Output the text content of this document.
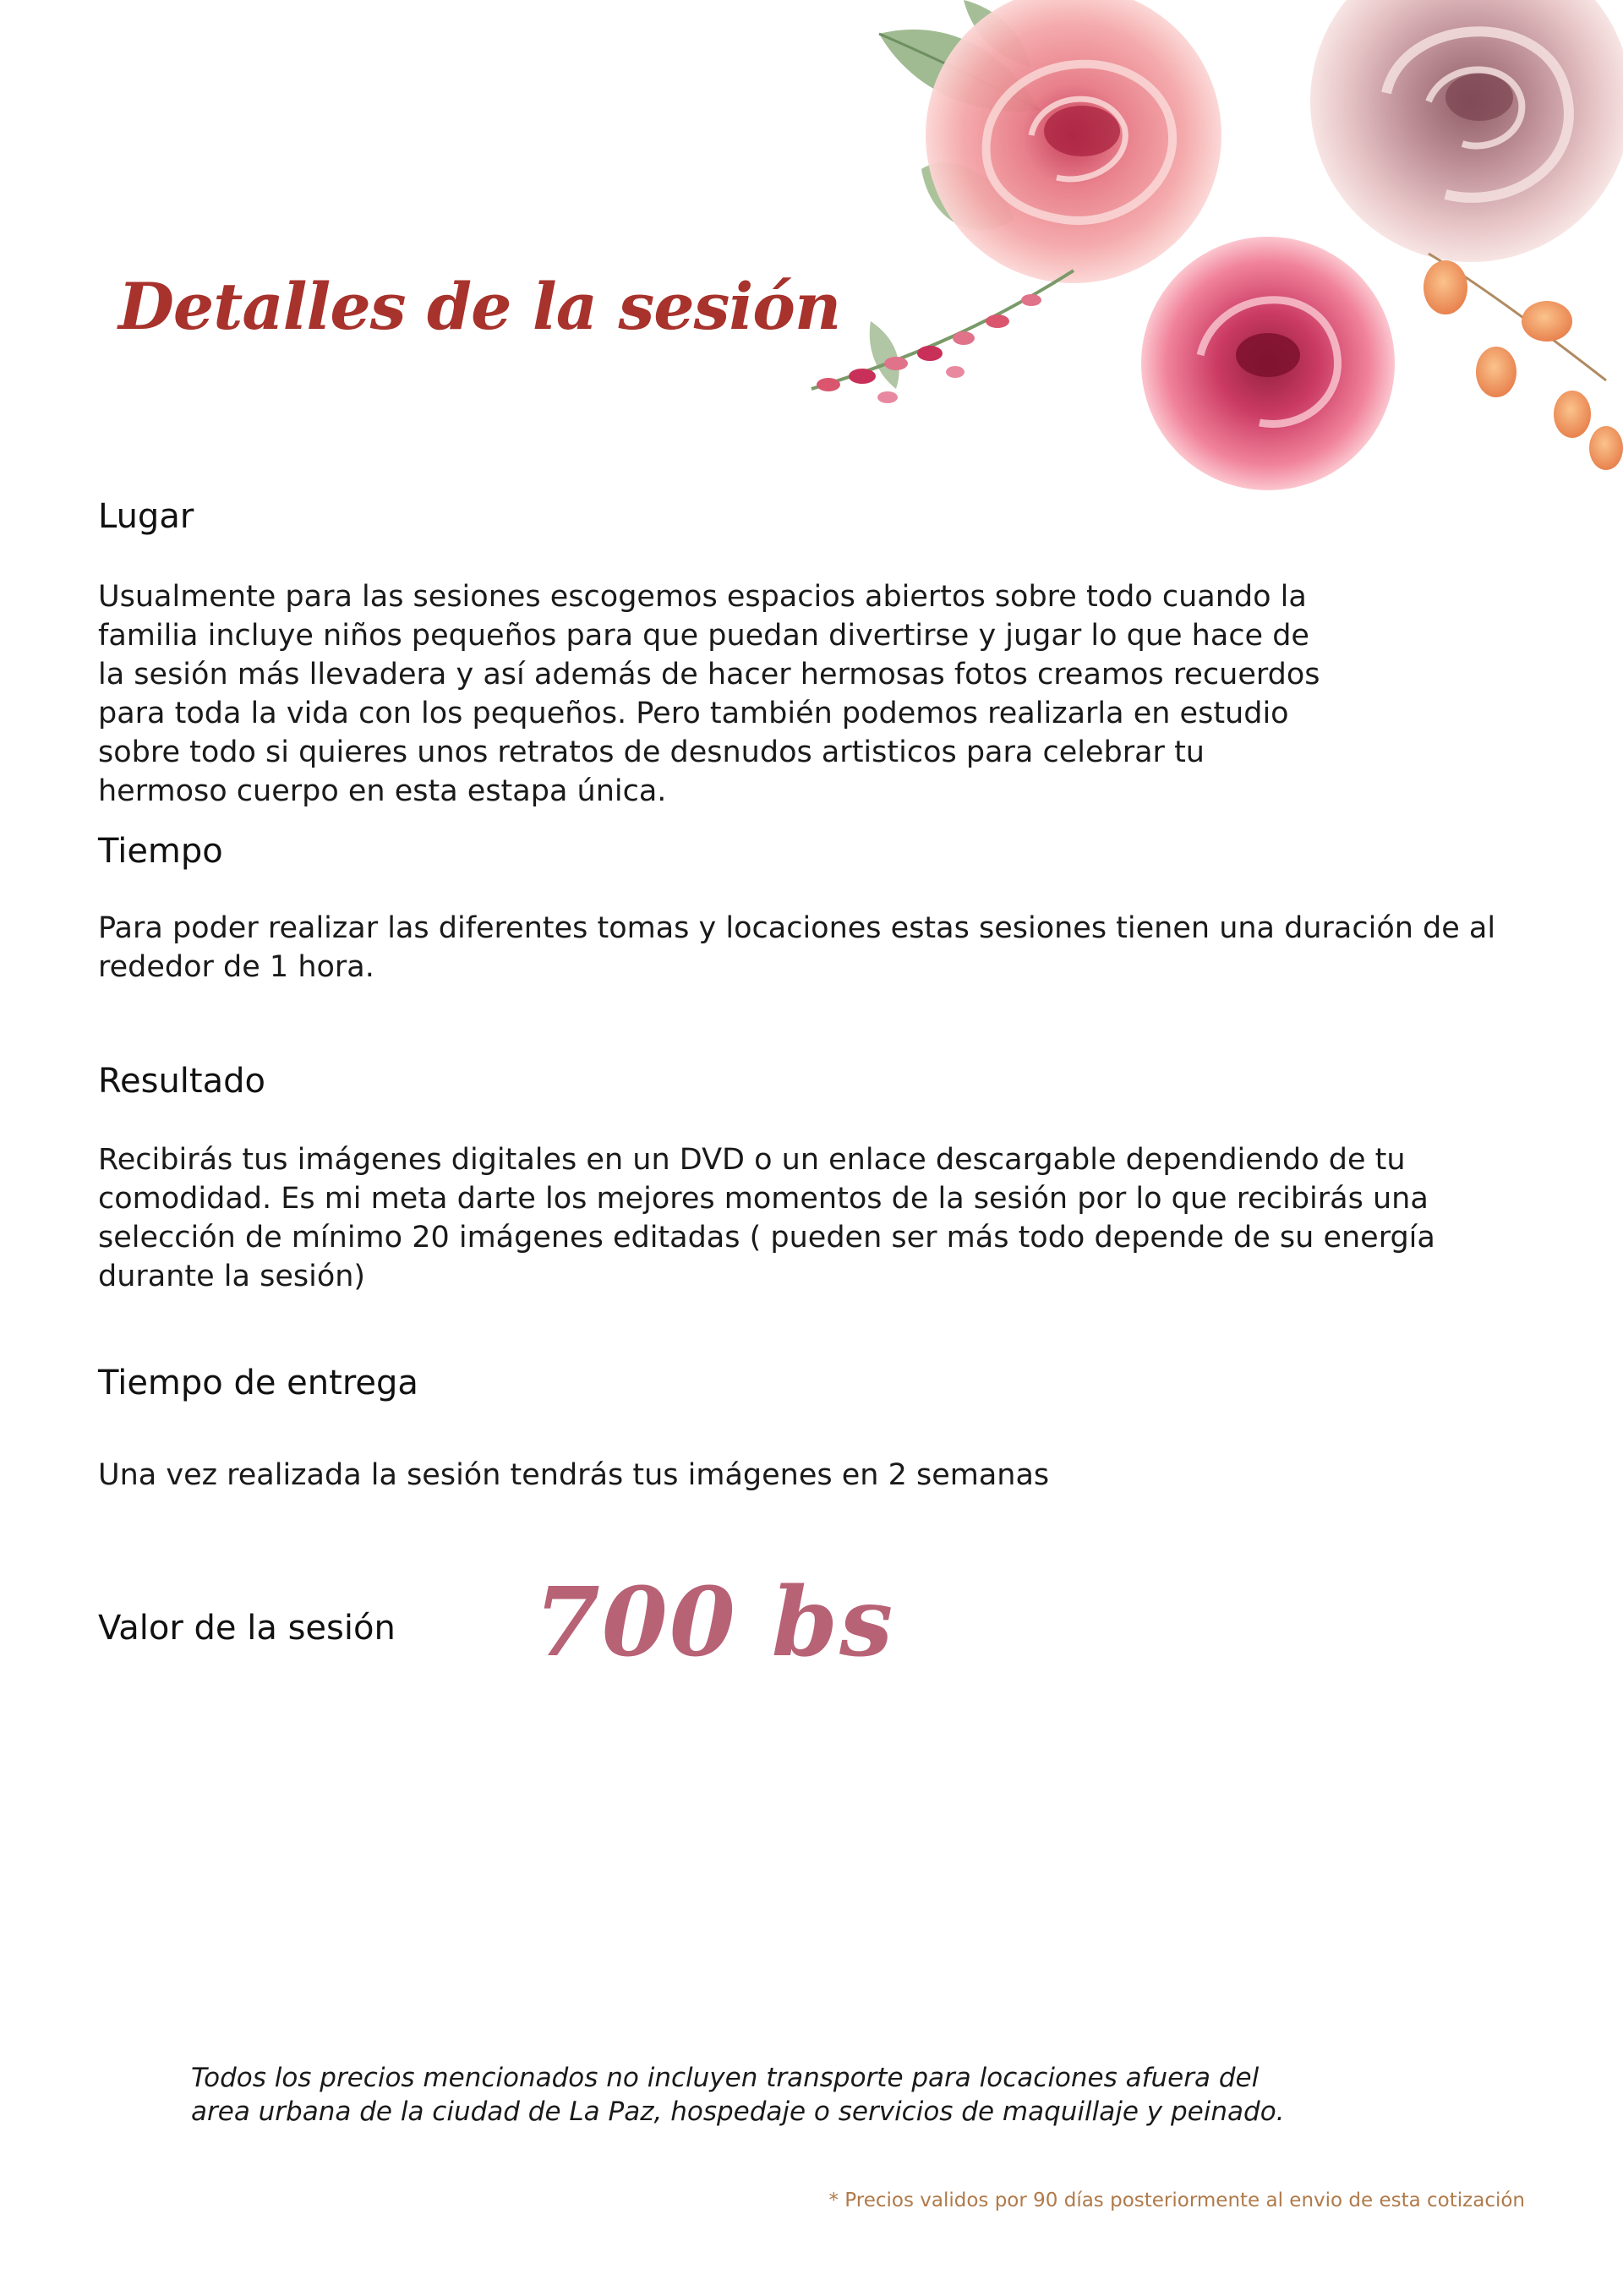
Detalles de la sesión
Lugar
Usualmente para las sesiones escogemos espacios abiertos sobre todo cuando la
familia incluye niños pequeños para que puedan divertirse y jugar lo que hace de
la sesión más llevadera y así además de hacer hermosas fotos creamos recuerdos
para toda la vida con los pequeños. Pero también podemos realizarla en estudio
sobre todo si quieres unos retratos de desnudos artisticos para celebrar tu
hermoso cuerpo en esta estapa única.
Tiempo
Para poder realizar las diferentes tomas y locaciones estas sesiones tienen una duración de al
rededor de 1 hora.
Resultado
Recibirás tus imágenes digitales en un DVD o un enlace descargable dependiendo de tu
comodidad. Es mi meta darte los mejores momentos de la sesión por lo que recibirás una
selección de mínimo 20 imágenes editadas ( pueden ser más todo depende de su energía
durante la sesión)
Tiempo de entrega
Una vez realizada la sesión tendrás tus imágenes en 2 semanas
Valor de la sesión 700 bs
Todos los precios mencionados no incluyen transporte para locaciones afuera del
area urbana de la ciudad de La Paz, hospedaje o servicios de maquillaje y peinado.
* Precios validos por 90 días posteriormente al envio de esta cotización
